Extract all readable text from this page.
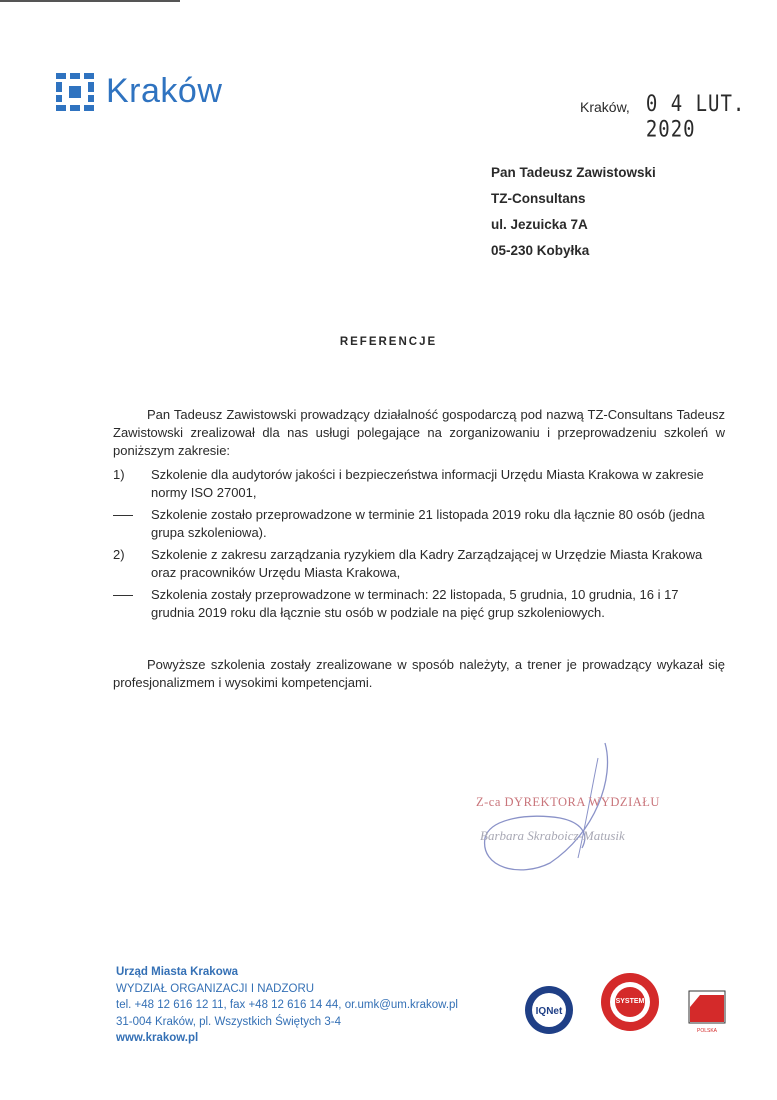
Kraków	Kraków, 0 4 LUT. 2020
Pan Tadeusz Zawistowski
TZ-Consultans
ul. Jezuicka 7A
05-230 Kobyłka
REFERENCJE

Pan Tadeusz Zawistowski prowadzący działalność gospodarczą pod nazwą TZ-Consultans Tadeusz Zawistowski zrealizował dla nas usługi polegające na zorganizowaniu i przeprowadzeniu szkoleń w poniższym zakresie:

1)	Szkolenie dla audytorów jakości i bezpieczeństwa informacji Urzędu Miasta Krakowa w zakresie normy ISO 27001,
Szkolenie zostało przeprowadzone w terminie 21 listopada 2019 roku dla łącznie 80 osób (jedna grupa szkoleniowa).
2)	Szkolenie z zakresu zarządzania ryzykiem dla Kadry Zarządzającej w Urzędzie Miasta Krakowa oraz pracowników Urzędu Miasta Krakowa,
Szkolenia zostały przeprowadzone w terminach: 22 listopada, 5 grudnia, 10 grudnia, 16 i 17 grudnia 2019 roku dla łącznie stu osób w podziale na pięć grup szkoleniowych.

Powyższe szkolenia zostały zrealizowane w sposób należyty, a trener je prowadzący wykazał się profesjonalizmem i wysokimi kompetencjami.

Z-ca DYREKTORA WYDZIAŁU
Barbara Skraboicz-Matusik
Urząd Miasta Krakowa
WYDZIAŁ ORGANIZACJI I NADZORU
tel. +48 12 616 12 11, fax +48 12 616 14 44, or.umk@um.krakow.pl
31-004 Kraków, pl. Wszystkich Świętych 3-4
www.krakow.pl
IQNet
SYSTEM
POLSKA
